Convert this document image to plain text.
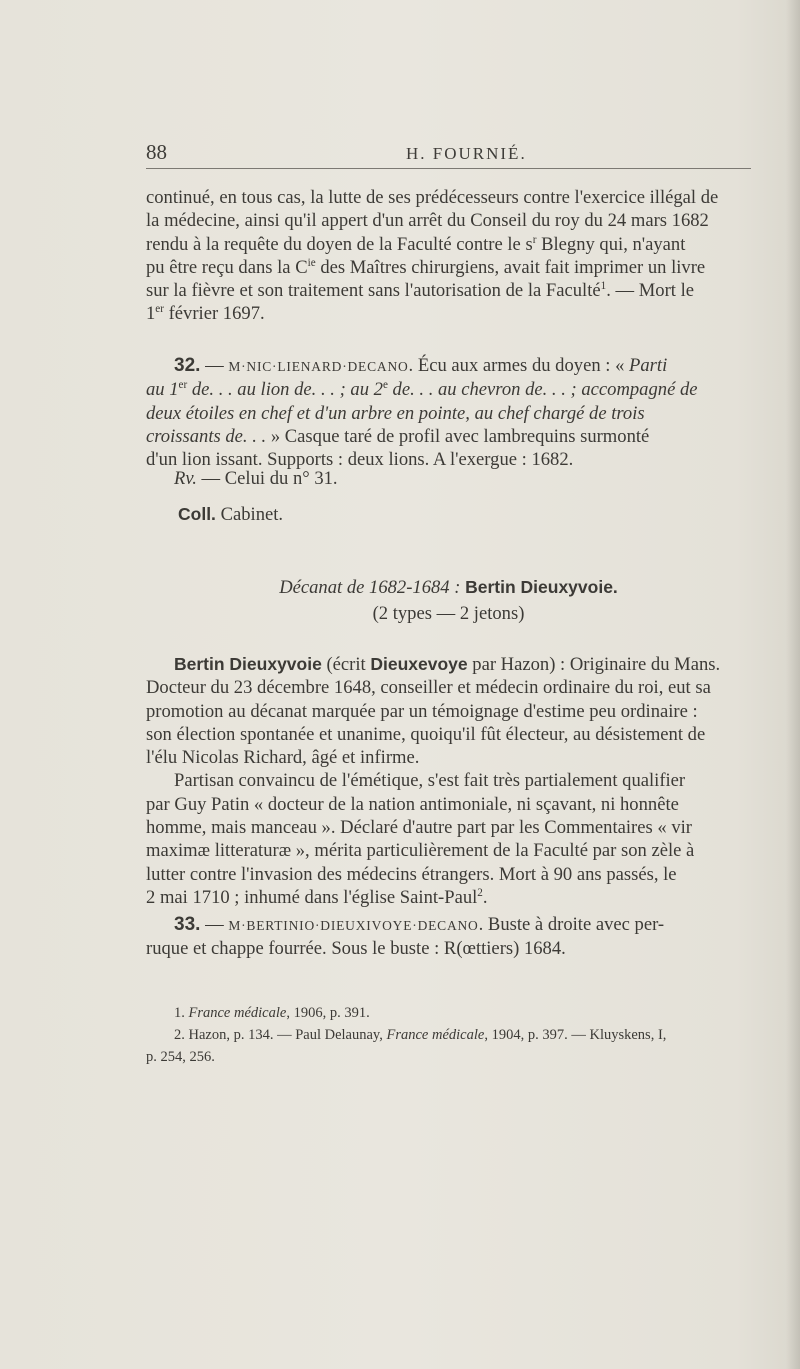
88	H. FOURNIÉ.
continué, en tous cas, la lutte de ses prédécesseurs contre l'exercice illégal de
la médecine, ainsi qu'il appert d'un arrêt du Conseil du roy du 24 mars 1682
rendu à la requête du doyen de la Faculté contre le $s^r$ Blegny qui, n'ayant
pu être reçu dans la $C^{ie}$ des Maîtres chirurgiens, avait fait imprimer un livre
sur la fièvre et son traitement sans l'autorisation de la Faculté$^1$. — Mort le
1er février 1697.
32. — M·NIC·LIENARD·DECANO. Écu aux armes du doyen : « Parti
au 1er de. . . au lion de. . . ; au 2e de. . . au chevron de. . . ; accompagné de
deux étoiles en chef et d'un arbre en pointe, au chef chargé de trois
croissants de. . . » Casque taré de profil avec lambrequins surmonté
d'un lion issant. Supports : deux lions. A l'exergue : 1682.
Rv. — Celui du n° 31.
Coll. Cabinet.
Décanat de 1682-1684 : Bertin Dieuxyvoie.
(2 types — 2 jetons)
Bertin Dieuxyvoie (écrit Dieuxevoye par Hazon) : Originaire du Mans.
Docteur du 23 décembre 1648, conseiller et médecin ordinaire du roi, eut sa
promotion au décanat marquée par un témoignage d'estime peu ordinaire :
son élection spontanée et unanime, quoiqu'il fût électeur, au désistement de
l'élu Nicolas Richard, âgé et infirme.
Partisan convaincu de l'émétique, s'est fait très partialement qualifier
par Guy Patin « docteur de la nation antimoniale, ni sçavant, ni honnête
homme, mais manceau ». Déclaré d'autre part par les Commentaires « vir
maximæ litteraturæ », mérita particulièrement de la Faculté par son zèle à
lutter contre l'invasion des médecins étrangers. Mort à 90 ans passés, le
2 mai 1710 ; inhumé dans l'église Saint-Paul$^2$.
33. — M·BERTINIO·DIEUXIVOYE·DECANO. Buste à droite avec per-
ruque et chappe fourrée. Sous le buste : R(œttiers) 1684.
1. France médicale, 1906, p. 391.
2. Hazon, p. 134. — Paul Delaunay, France médicale, 1904, p. 397. — Kluyskens, I,
p. 254, 256.
